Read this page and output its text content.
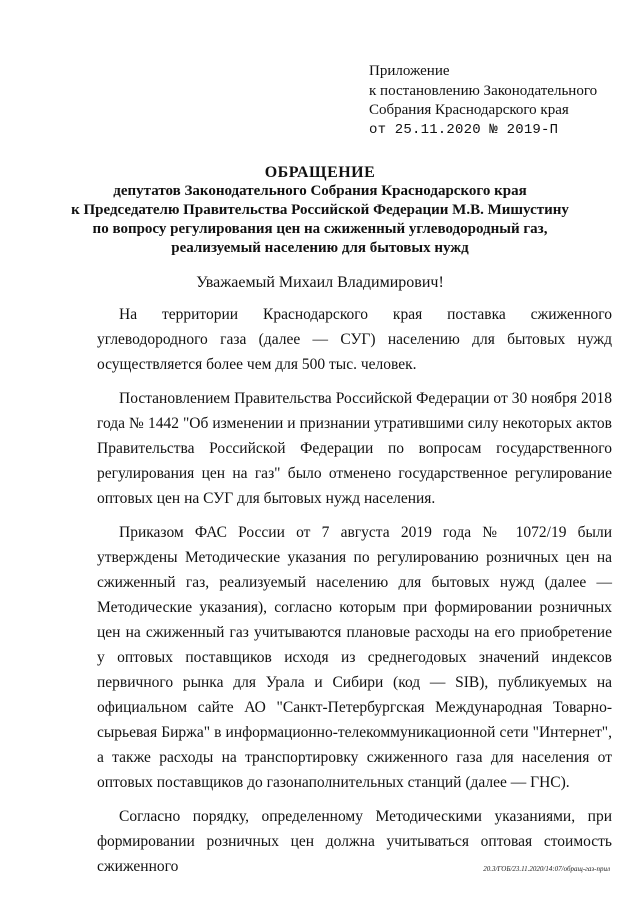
Приложение
к постановлению Законодательного
Собрания Краснодарского края
от 25.11.2020 № 2019-П
ОБРАЩЕНИЕ
депутатов Законодательного Собрания Краснодарского края
к Председателю Правительства Российской Федерации М.В. Мишустину
по вопросу регулирования цен на сжиженный углеводородный газ,
реализуемый населению для бытовых нужд
Уважаемый Михаил Владимирович!

На территории Краснодарского края поставка сжиженного углеводородного газа (далее — СУГ) населению для бытовых нужд осуществляется более чем для 500 тыс. человек.

Постановлением Правительства Российской Федерации от 30 ноября 2018 года № 1442 "Об изменении и признании утратившими силу некоторых актов Правительства Российской Федерации по вопросам государственного регулирования цен на газ" было отменено государственное регулирование оптовых цен на СУГ для бытовых нужд населения.

Приказом ФАС России от 7 августа 2019 года № 1072/19 были утверждены Методические указания по регулированию розничных цен на сжиженный газ, реализуемый населению для бытовых нужд (далее — Методические указания), согласно которым при формировании розничных цен на сжиженный газ учитываются плановые расходы на его приобретение у оптовых поставщиков исходя из среднегодовых значений индексов первичного рынка для Урала и Сибири (код — SIB), публикуемых на официальном сайте АО "Санкт-Петербургская Международная Товарно-сырьевая Биржа" в информационно-телекоммуникационной сети "Интернет", а также расходы на транспортировку сжиженного газа для населения от оптовых поставщиков до газонаполнительных станций (далее — ГНС).

Согласно порядку, определенному Методическими указаниями, при формировании розничных цен должна учитываться оптовая стоимость сжиженного	20.3/ГОБ/23.11.2020/14:07/обращ-газ-прил
